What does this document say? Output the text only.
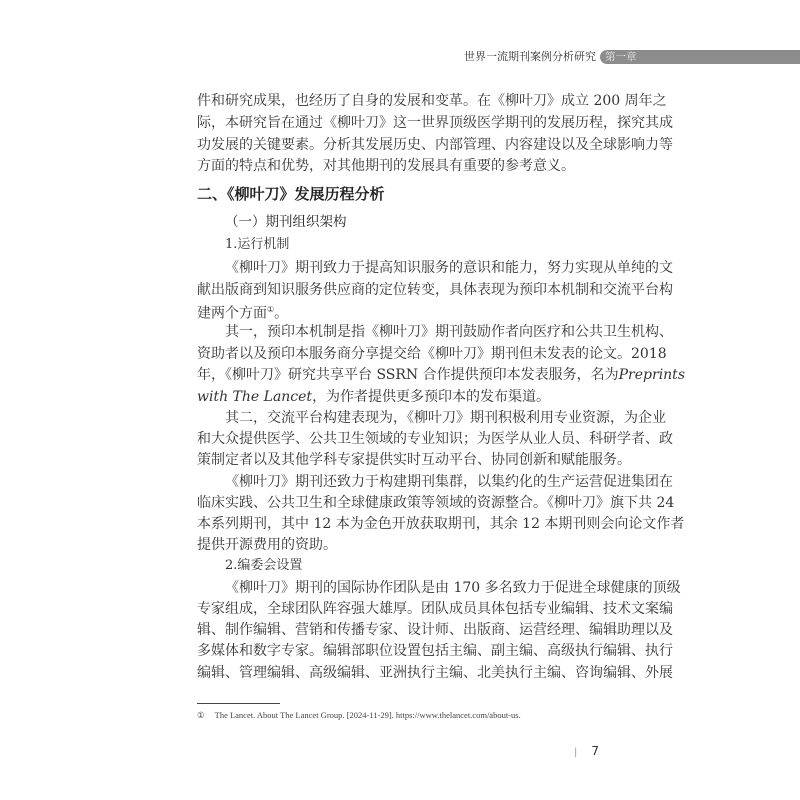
世界一流期刊案例分析研究 第一章
件和研究成果，也经历了自身的发展和变革。在《柳叶刀》成立 200 周年之
际，本研究旨在通过《柳叶刀》这一世界顶级医学期刊的发展历程，探究其成
功发展的关键要素。分析其发展历史、内部管理、内容建设以及全球影响力等
方面的特点和优势，对其他期刊的发展具有重要的参考意义。
二、《柳叶刀》发展历程分析
（一）期刊组织架构
1.运行机制
《柳叶刀》期刊致力于提高知识服务的意识和能力，努力实现从单纯的文
献出版商到知识服务供应商的定位转变，具体表现为预印本机制和交流平台构
建两个方面①。
其一，预印本机制是指《柳叶刀》期刊鼓励作者向医疗和公共卫生机构、
资助者以及预印本服务商分享提交给《柳叶刀》期刊但未发表的论文。2018
年，《柳叶刀》研究共享平台 SSRN 合作提供预印本发表服务，名为Preprints
with The Lancet，为作者提供更多预印本的发布渠道。
其二，交流平台构建表现为，《柳叶刀》期刊积极利用专业资源，为企业
和大众提供医学、公共卫生领域的专业知识；为医学从业人员、科研学者、政
策制定者以及其他学科专家提供实时互动平台、协同创新和赋能服务。
《柳叶刀》期刊还致力于构建期刊集群，以集约化的生产运营促进集团在
临床实践、公共卫生和全球健康政策等领域的资源整合。《柳叶刀》旗下共 24
本系列期刊，其中 12 本为金色开放获取期刊，其余 12 本期刊则会向论文作者
提供开源费用的资助。
2.编委会设置
《柳叶刀》期刊的国际协作团队是由 170 多名致力于促进全球健康的顶级
专家组成，全球团队阵容强大雄厚。团队成员具体包括专业编辑、技术文案编
辑、制作编辑、营销和传播专家、设计师、出版商、运营经理、编辑助理以及
多媒体和数字专家。编辑部职位设置包括主编、副主编、高级执行编辑、执行
编辑、管理编辑、高级编辑、亚洲执行主编、北美执行主编、咨询编辑、外展
① The Lancet. About The Lancet Group. [2024-11-29]. https://www.thelancet.com/about-us.
| 7
